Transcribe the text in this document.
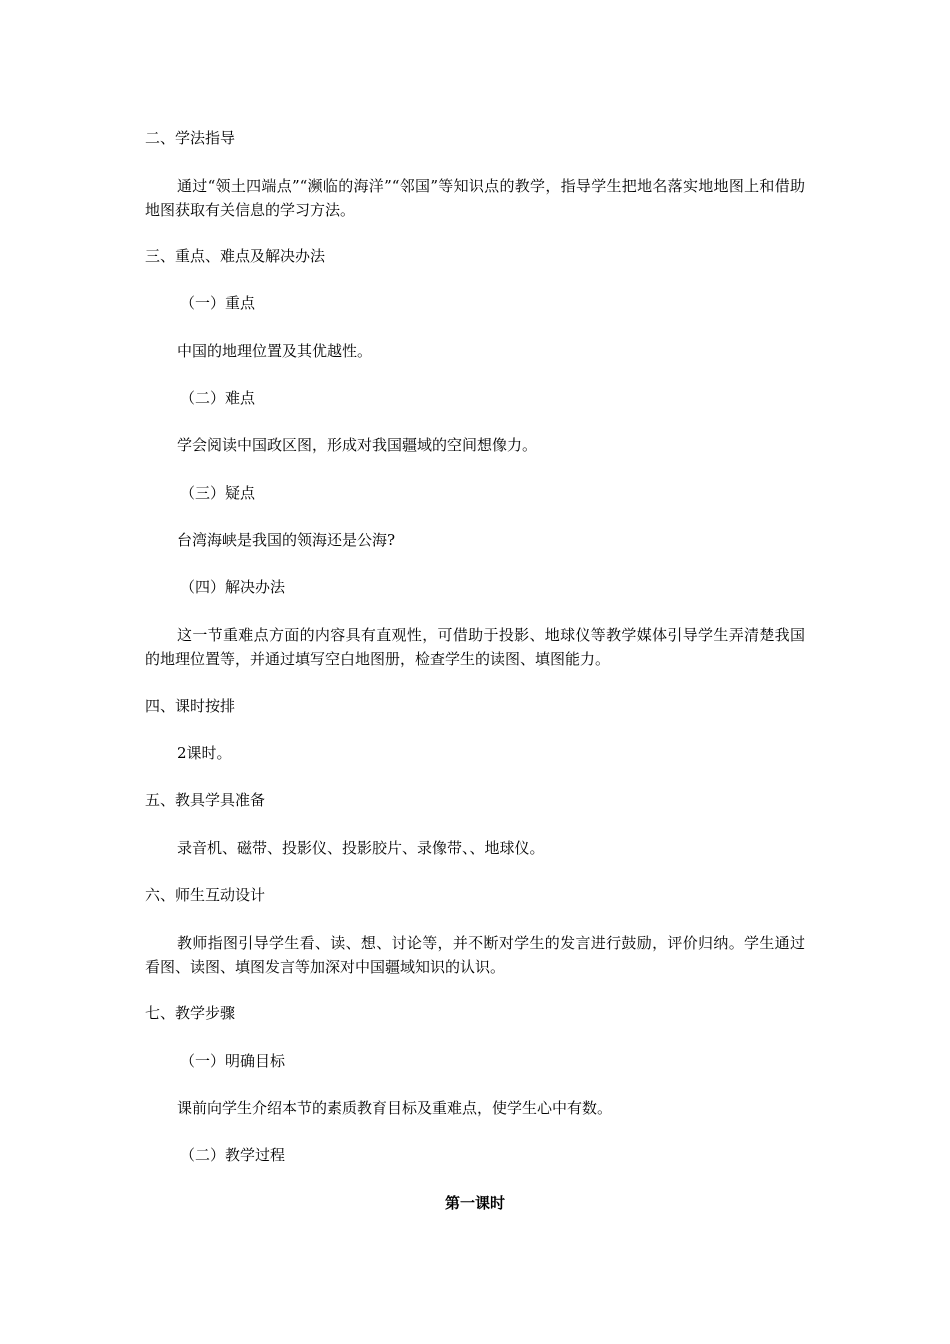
二、学法指导
通过“领土四端点”“濒临的海洋”“邻国”等知识点的教学，指导学生把地名落实地地图上和借助地图获取有关信息的学习方法。
三、重点、难点及解决办法
（一）重点
中国的地理位置及其优越性。
（二）难点
学会阅读中国政区图，形成对我国疆域的空间想像力。
（三）疑点
台湾海峡是我国的领海还是公海?
（四）解决办法
这一节重难点方面的内容具有直观性，可借助于投影、地球仪等教学媒体引导学生弄清楚我国的地理位置等，并通过填写空白地图册，检查学生的读图、填图能力。
四、课时按排
2课时。
五、教具学具准备
录音机、磁带、投影仪、投影胶片、录像带、、地球仪。
六、师生互动设计
教师指图引导学生看、读、想、讨论等，并不断对学生的发言进行鼓励，评价归纳。学生通过看图、读图、填图发言等加深对中国疆域知识的认识。
七、教学步骤
（一）明确目标
课前向学生介绍本节的素质教育目标及重难点，使学生心中有数。
（二）教学过程
第一课时
